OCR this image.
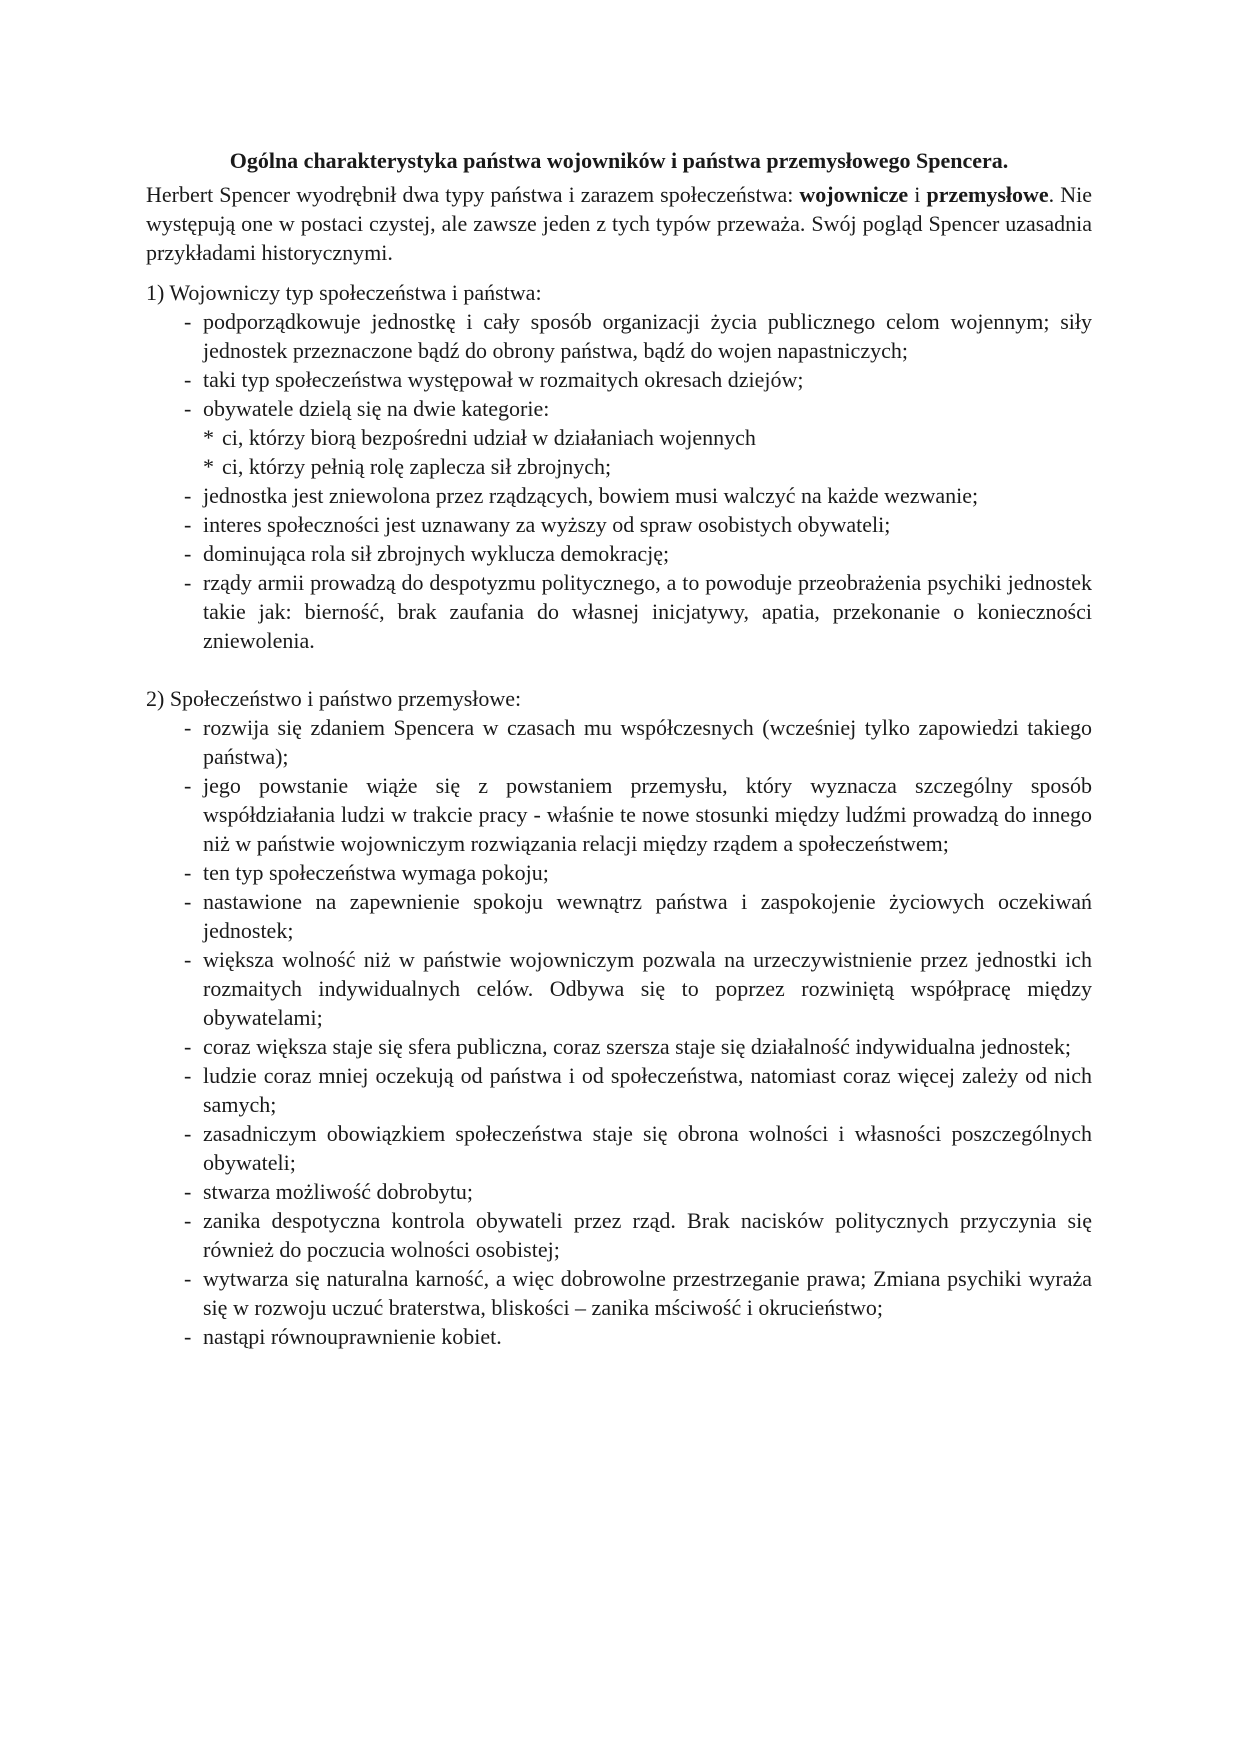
Ogólna charakterystyka państwa wojowników i państwa przemysłowego Spencera.

Herbert Spencer wyodrębnił dwa typy państwa i zarazem społeczeństwa: wojownicze i przemysłowe. Nie występują one w postaci czystej, ale zawsze jeden z tych typów przeważa. Swój pogląd Spencer uzasadnia przykładami historycznymi.

1) Wojowniczy typ społeczeństwa i państwa:

- podporządkowuje jednostkę i cały sposób organizacji życia publicznego celom wojennym; siły jednostek przeznaczone bądź do obrony państwa, bądź do wojen napastniczych;
- taki typ społeczeństwa występował w rozmaitych okresach dziejów;
- obywatele dzielą się na dwie kategorie:
* ci, którzy biorą bezpośredni udział w działaniach wojennych
* ci, którzy pełnią rolę zaplecza sił zbrojnych;
- jednostka jest zniewolona przez rządzących, bowiem musi walczyć na każde wezwanie;
- interes społeczności jest uznawany za wyższy od spraw osobistych obywateli;
- dominująca rola sił zbrojnych wyklucza demokrację;
- rządy armii prowadzą do despotyzmu politycznego, a to powoduje przeobrażenia psychiki jednostek takie jak: bierność, brak zaufania do własnej inicjatywy, apatia, przekonanie o konieczności zniewolenia.

2) Społeczeństwo i państwo przemysłowe:

- rozwija się zdaniem Spencera w czasach mu współczesnych (wcześniej tylko zapowiedzi takiego państwa);
- jego powstanie wiąże się z powstaniem przemysłu, który wyznacza szczególny sposób współdziałania ludzi w trakcie pracy - właśnie te nowe stosunki między ludźmi prowadzą do innego niż w państwie wojowniczym rozwiązania relacji między rządem a społeczeństwem;
- ten typ społeczeństwa wymaga pokoju;
- nastawione na zapewnienie spokoju wewnątrz państwa i zaspokojenie życiowych oczekiwań jednostek;
- większa wolność niż w państwie wojowniczym pozwala na urzeczywistnienie przez jednostki ich rozmaitych indywidualnych celów. Odbywa się to poprzez rozwiniętą współpracę między obywatelami;
- coraz większa staje się sfera publiczna, coraz szersza staje się działalność indywidualna jednostek;
- ludzie coraz mniej oczekują od państwa i od społeczeństwa, natomiast coraz więcej zależy od nich samych;
- zasadniczym obowiązkiem społeczeństwa staje się obrona wolności i własności poszczególnych obywateli;
- stwarza możliwość dobrobytu;
- zanika despotyczna kontrola obywateli przez rząd. Brak nacisków politycznych przyczynia się również do poczucia wolności osobistej;
- wytwarza się naturalna karność, a więc dobrowolne przestrzeganie prawa; Zmiana psychiki wyraża się w rozwoju uczuć braterstwa, bliskości – zanika mściwość i okrucieństwo;
- nastąpi równouprawnienie kobiet.
